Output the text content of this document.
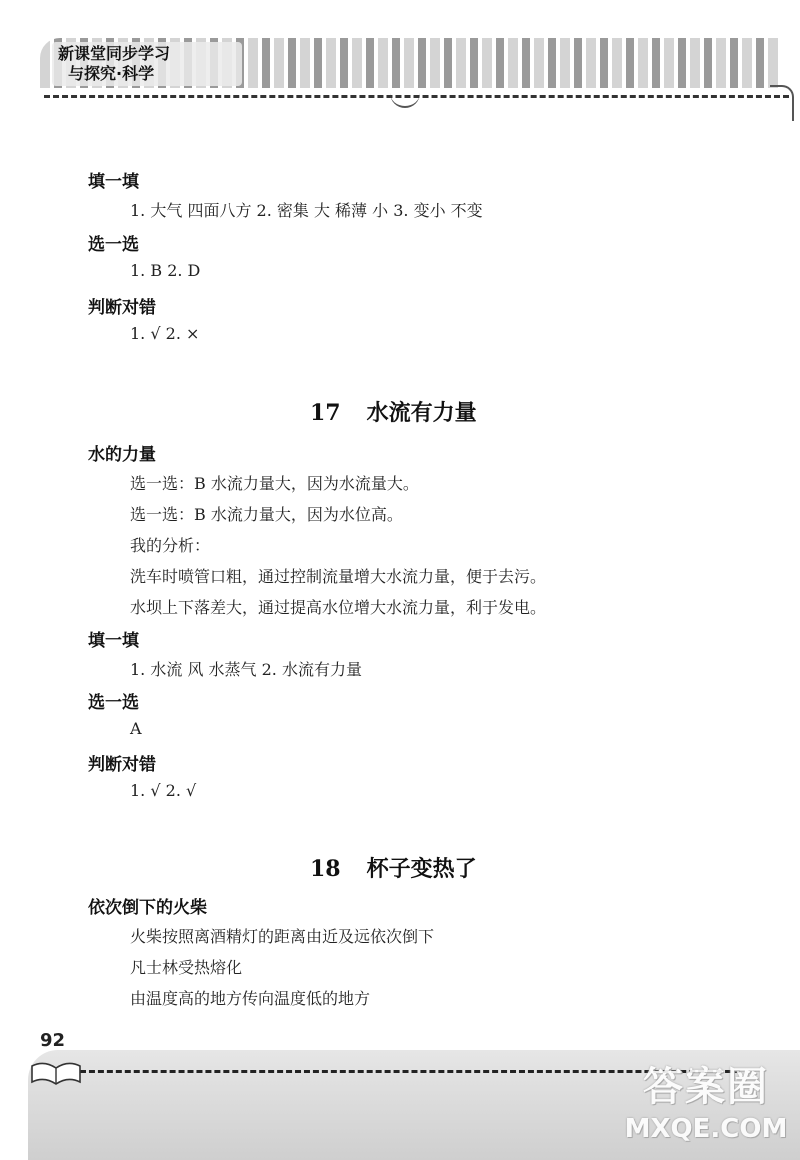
新课堂同步学习
与探究·科学
填一填
1. 大气 四面八方 2. 密集 大 稀薄 小 3. 变小 不变
选一选
1. B 2. D
判断对错
1. √ 2. ×
17 水流有力量
水的力量
选一选：B 水流力量大，因为水流量大。
选一选：B 水流力量大，因为水位高。
我的分析：
洗车时喷管口粗，通过控制流量增大水流力量，便于去污。
水坝上下落差大，通过提高水位增大水流力量，利于发电。
填一填
1. 水流 风 水蒸气 2. 水流有力量
选一选
A
判断对错
1. √ 2. √
18 杯子变热了
依次倒下的火柴
火柴按照离酒精灯的距离由近及远依次倒下
凡士林受热熔化
由温度高的地方传向温度低的地方
92
答案圈
MXQE.COM
